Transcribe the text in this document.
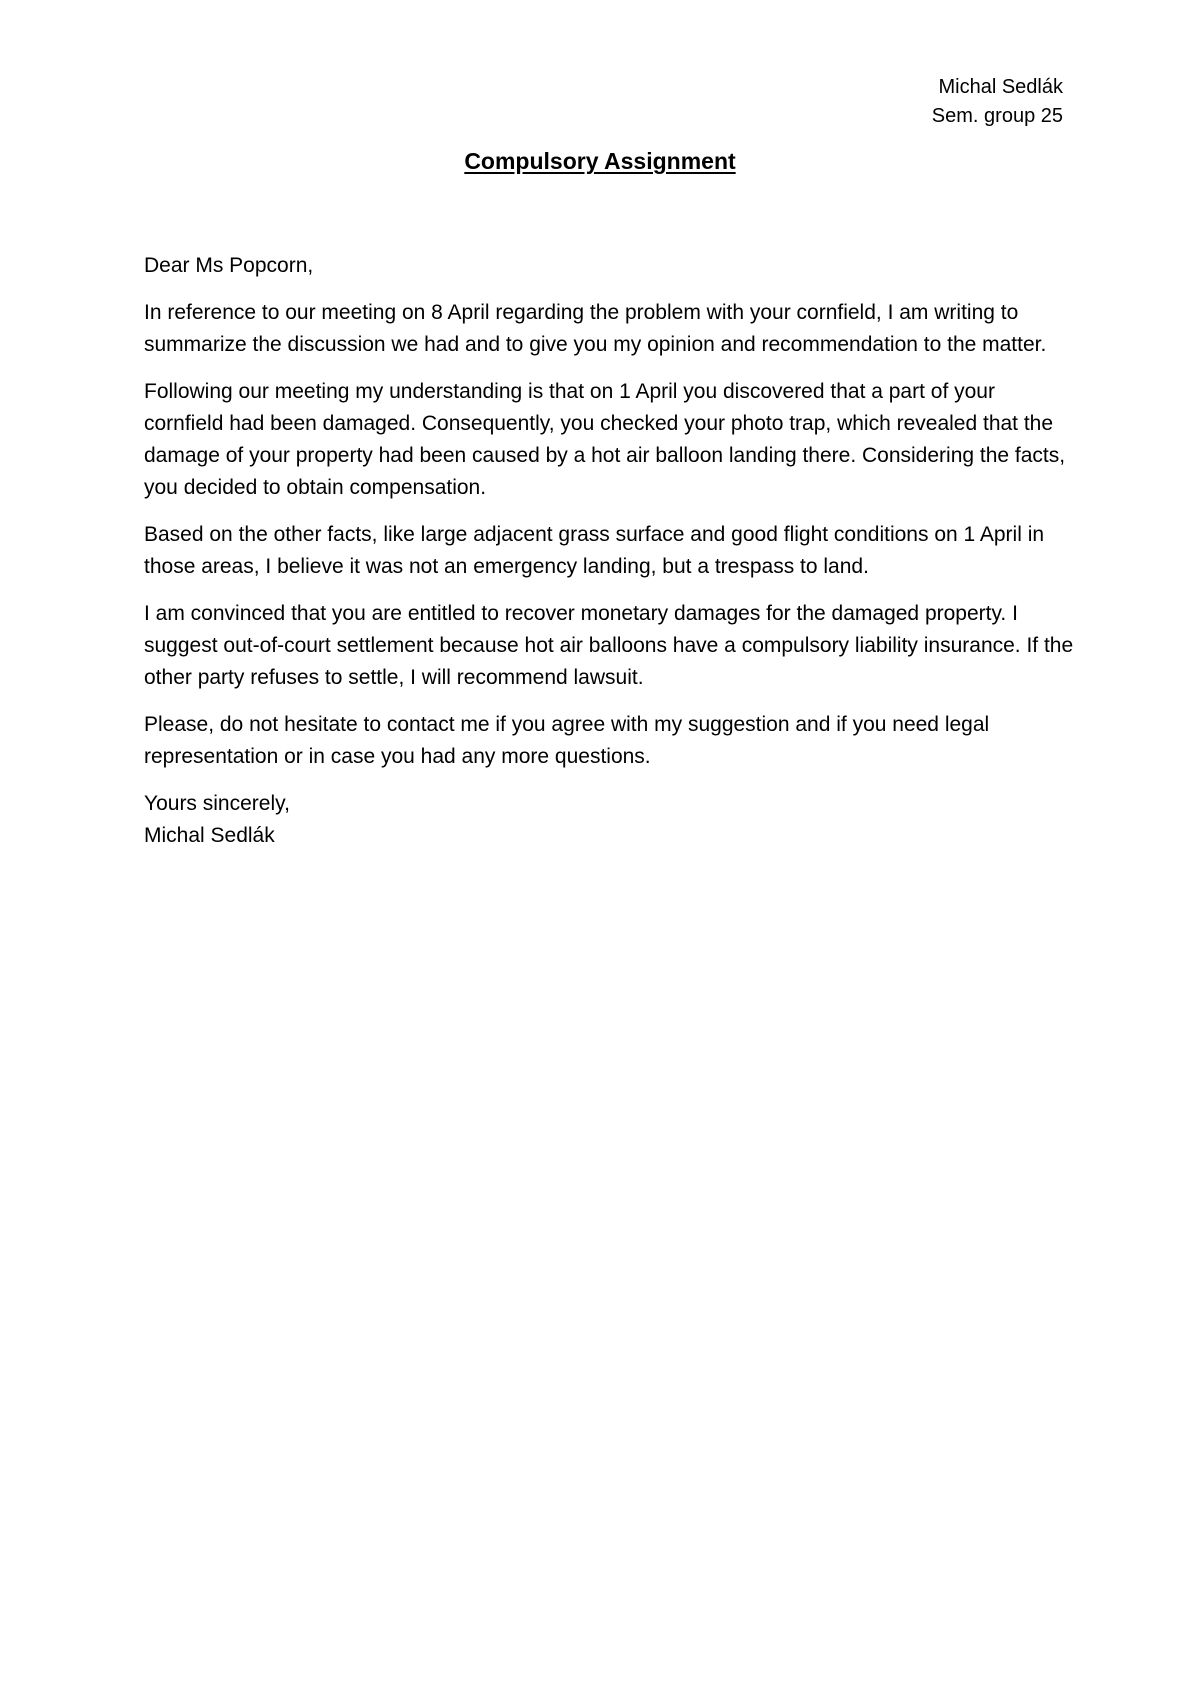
Michal Sedlák
Sem. group 25
Compulsory Assignment

Dear Ms Popcorn,

In reference to our meeting on 8 April regarding the problem with your cornfield, I am writing to summarize the discussion we had and to give you my opinion and recommendation to the matter.

Following our meeting my understanding is that on 1 April you discovered that a part of your cornfield had been damaged. Consequently, you checked your photo trap, which revealed that the damage of your property had been caused by a hot air balloon landing there. Considering the facts, you decided to obtain compensation.

Based on the other facts, like large adjacent grass surface and good flight conditions on 1 April in those areas, I believe it was not an emergency landing, but a trespass to land.

I am convinced that you are entitled to recover monetary damages for the damaged property. I suggest out-of-court settlement because hot air balloons have a compulsory liability insurance. If the other party refuses to settle, I will recommend lawsuit.

Please, do not hesitate to contact me if you agree with my suggestion and if you need legal representation or in case you had any more questions.

Yours sincerely,
Michal Sedlák
